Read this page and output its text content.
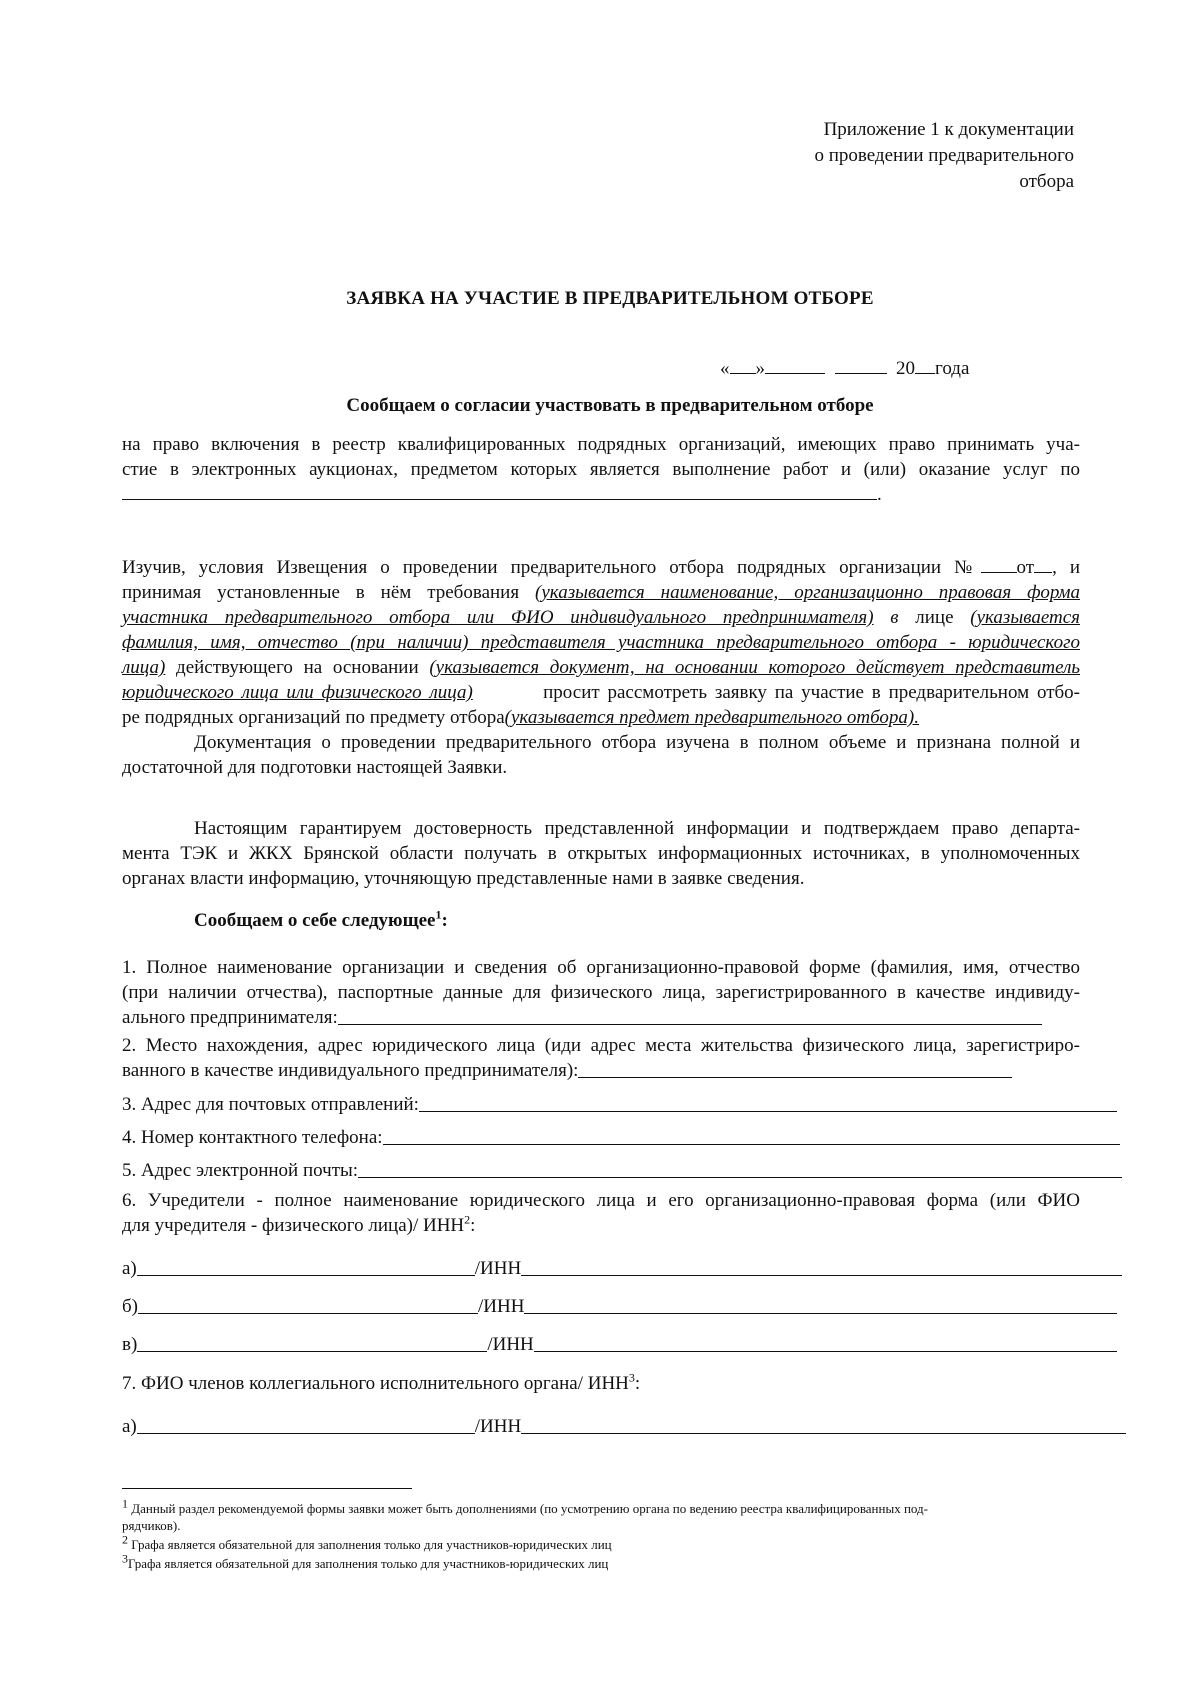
Приложение 1 к документации
о проведении предварительного
отбора
ЗАЯВКА НА УЧАСТИЕ В ПРЕДВАРИТЕЛЬНОМ ОТБОРЕ
« »	20 года
Сообщаем о согласии участвовать в предварительном отборе
на право включения в реестр квалифицированных подрядных организаций, имеющих право принимать уча-
стие в электронных аукционах, предметом которых является выполнение работ и (или) оказание услуг по
.
Изучив, условия Извещения о проведении предварительного отбора подрядных организации № от , и
принимая установленные в нём требования (указывается наименование, организационно правовая форма
участника предварительного отбора или ФИО индивидуального предпринимателя) в лице (указывается
фамилия, имя, отчество (при наличии) представителя участника предварительного отбора - юридического
лица) действующего на основании (указывается документ, на основании которого действует представитель
юридического лица или физического лица)	просит рассмотреть заявку па участие в предварительном отбо-
ре подрядных организаций по предмету отбора(указывается предмет предварительного отбора).
Документация о проведении предварительного отбора изучена в полном объеме и признана полной и
достаточной для подготовки настоящей Заявки.
Настоящим гарантируем достоверность представленной информации и подтверждаем право департа-
мента ТЭК и ЖКХ Брянской области получать в открытых информационных источниках, в уполномоченных
органах власти информацию, уточняющую представленные нами в заявке сведения.
Сообщаем о себе следующее$^1$:
1. Полное наименование организации и сведения об организационно-правовой форме (фамилия, имя, отчество
(при наличии отчества), паспортные данные для физического лица, зарегистрированного в качестве индивиду-
ального предпринимателя:
2. Место нахождения, адрес юридического лица (иди адрес места жительства физического лица, зарегистриро-
ванного в качестве индивидуального предпринимателя):
3. Адрес для почтовых отправлений:
4. Номер контактного телефона:
5. Адрес электронной почты:
6. Учредители - полное наименование юридического лица и его организационно-правовая форма (или ФИО
для учредителя - физического лица)/ ИНН$^2$:
а)	/ИНН
б)	/ИНН
в)	/ИНН
7. ФИО членов коллегиального исполнительного органа/ ИНН$^3$:
а)	/ИНН
$^1$ Данный раздел рекомендуемой формы заявки может быть дополнениями (по усмотрению органа по ведению реестра квалифицированных под-
рядчиков).
$^2$ Графа является обязательной для заполнения только для участников-юридических лиц
$^3$Графа является обязательной для заполнения только для участников-юридических лиц
